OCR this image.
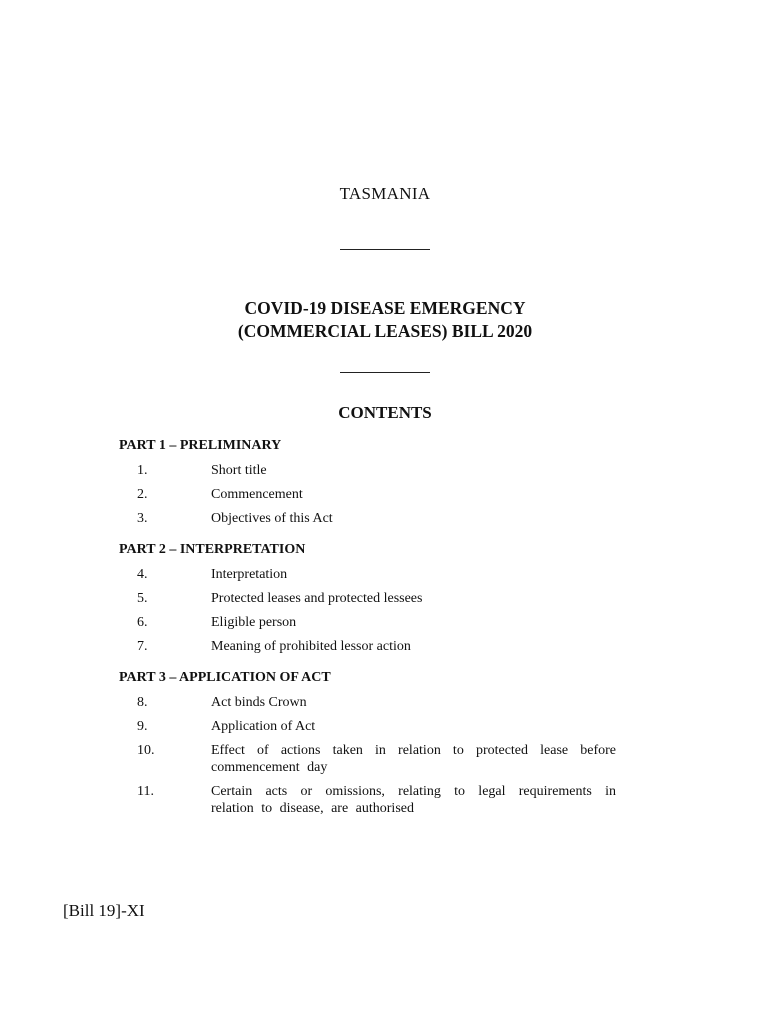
TASMANIA
COVID-19 DISEASE EMERGENCY
(COMMERCIAL LEASES) BILL 2020
CONTENTS
PART 1 – PRELIMINARY
1.	Short title
2.	Commencement
3.	Objectives of this Act
PART 2 – INTERPRETATION
4.	Interpretation
5.	Protected leases and protected lessees
6.	Eligible person
7.	Meaning of prohibited lessor action
PART 3 – APPLICATION OF ACT
8.	Act binds Crown
9.	Application of Act
10.	Effect of actions taken in relation to protected lease before commencement day
11.	Certain acts or omissions, relating to legal requirements in relation to disease, are authorised
[Bill 19]-XI
